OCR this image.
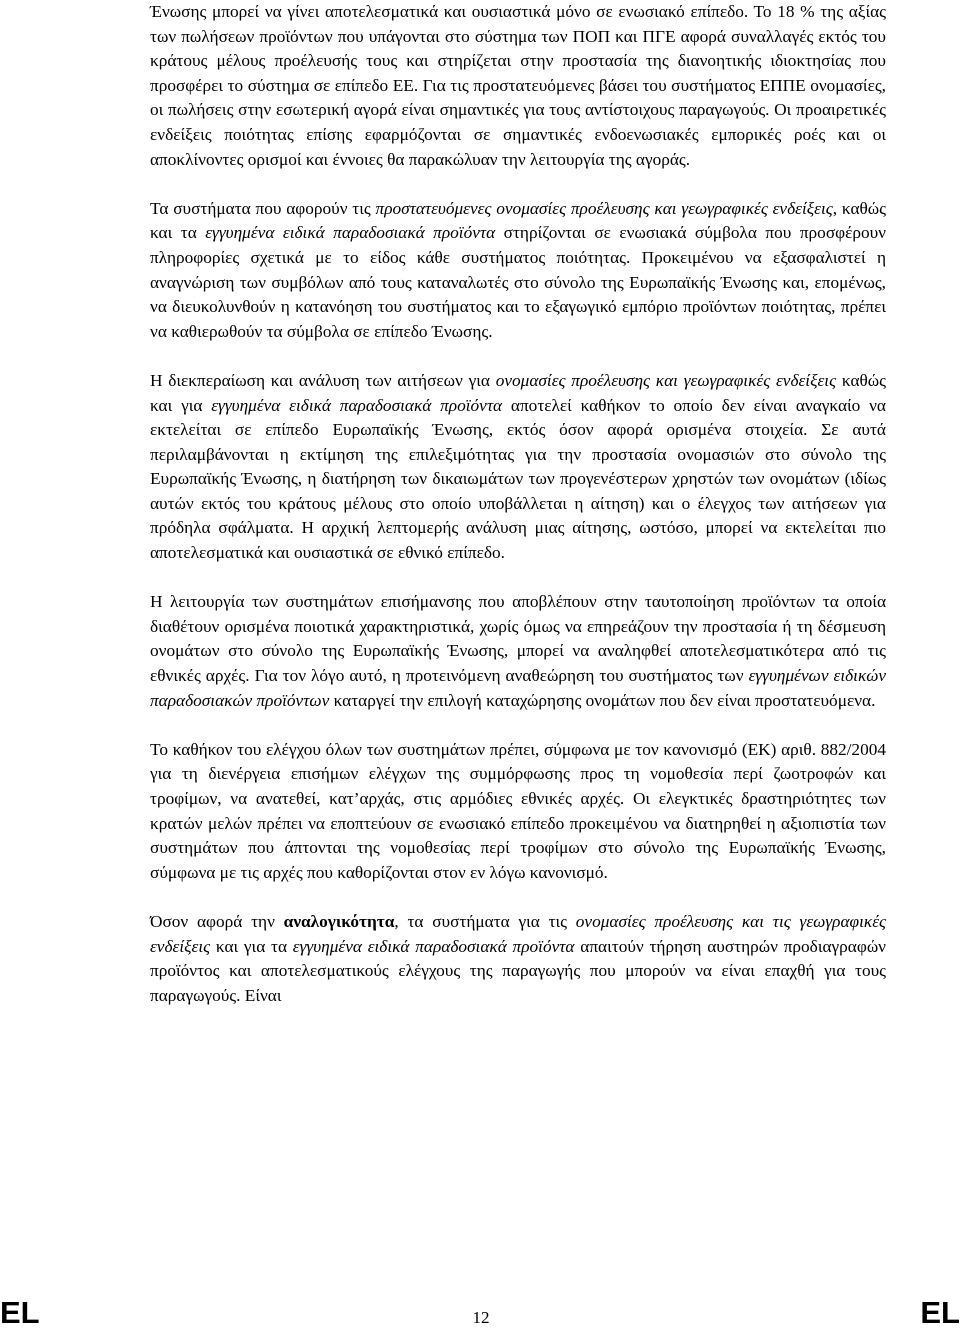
Ένωσης μπορεί να γίνει αποτελεσματικά και ουσιαστικά μόνο σε ενωσιακό επίπεδο. Το 18 % της αξίας των πωλήσεων προϊόντων που υπάγονται στο σύστημα των ΠΟΠ και ΠΓΕ αφορά συναλλαγές εκτός του κράτους μέλους προέλευσής τους και στηρίζεται στην προστασία της διανοητικής ιδιοκτησίας που προσφέρει το σύστημα σε επίπεδο ΕΕ. Για τις προστατευόμενες βάσει του συστήματος ΕΠΠΕ ονομασίες, οι πωλήσεις στην εσωτερική αγορά είναι σημαντικές για τους αντίστοιχους παραγωγούς. Οι προαιρετικές ενδείξεις ποιότητας επίσης εφαρμόζονται σε σημαντικές ενδοενωσιακές εμπορικές ροές και οι αποκλίνοντες ορισμοί και έννοιες θα παρακώλυαν την λειτουργία της αγοράς.

Τα συστήματα που αφορούν τις προστατευόμενες ονομασίες προέλευσης και γεωγραφικές ενδείξεις, καθώς και τα εγγυημένα ειδικά παραδοσιακά προϊόντα στηρίζονται σε ενωσιακά σύμβολα που προσφέρουν πληροφορίες σχετικά με το είδος κάθε συστήματος ποιότητας. Προκειμένου να εξασφαλιστεί η αναγνώριση των συμβόλων από τους καταναλωτές στο σύνολο της Ευρωπαϊκής Ένωσης και, επομένως, να διευκολυνθούν η κατανόηση του συστήματος και το εξαγωγικό εμπόριο προϊόντων ποιότητας, πρέπει να καθιερωθούν τα σύμβολα σε επίπεδο Ένωσης.

Η διεκπεραίωση και ανάλυση των αιτήσεων για ονομασίες προέλευσης και γεωγραφικές ενδείξεις καθώς και για εγγυημένα ειδικά παραδοσιακά προϊόντα αποτελεί καθήκον το οποίο δεν είναι αναγκαίο να εκτελείται σε επίπεδο Ευρωπαϊκής Ένωσης, εκτός όσον αφορά ορισμένα στοιχεία. Σε αυτά περιλαμβάνονται η εκτίμηση της επιλεξιμότητας για την προστασία ονομασιών στο σύνολο της Ευρωπαϊκής Ένωσης, η διατήρηση των δικαιωμάτων των προγενέστερων χρηστών των ονομάτων (ιδίως αυτών εκτός του κράτους μέλους στο οποίο υποβάλλεται η αίτηση) και ο έλεγχος των αιτήσεων για πρόδηλα σφάλματα. Η αρχική λεπτομερής ανάλυση μιας αίτησης, ωστόσο, μπορεί να εκτελείται πιο αποτελεσματικά και ουσιαστικά σε εθνικό επίπεδο.

Η λειτουργία των συστημάτων επισήμανσης που αποβλέπουν στην ταυτοποίηση προϊόντων τα οποία διαθέτουν ορισμένα ποιοτικά χαρακτηριστικά, χωρίς όμως να επηρεάζουν την προστασία ή τη δέσμευση ονομάτων στο σύνολο της Ευρωπαϊκής Ένωσης, μπορεί να αναληφθεί αποτελεσματικότερα από τις εθνικές αρχές. Για τον λόγο αυτό, η προτεινόμενη αναθεώρηση του συστήματος των εγγυημένων ειδικών παραδοσιακών προϊόντων καταργεί την επιλογή καταχώρησης ονομάτων που δεν είναι προστατευόμενα.

Το καθήκον του ελέγχου όλων των συστημάτων πρέπει, σύμφωνα με τον κανονισμό (ΕΚ) αριθ. 882/2004 για τη διενέργεια επισήμων ελέγχων της συμμόρφωσης προς τη νομοθεσία περί ζωοτροφών και τροφίμων, να ανατεθεί, κατ’αρχάς, στις αρμόδιες εθνικές αρχές. Οι ελεγκτικές δραστηριότητες των κρατών μελών πρέπει να εποπτεύουν σε ενωσιακό επίπεδο προκειμένου να διατηρηθεί η αξιοπιστία των συστημάτων που άπτονται της νομοθεσίας περί τροφίμων στο σύνολο της Ευρωπαϊκής Ένωσης, σύμφωνα με τις αρχές που καθορίζονται στον εν λόγω κανονισμό.

Όσον αφορά την αναλογικότητα, τα συστήματα για τις ονομασίες προέλευσης και τις γεωγραφικές ενδείξεις και για τα εγγυημένα ειδικά παραδοσιακά προϊόντα απαιτούν τήρηση αυστηρών προδιαγραφών προϊόντος και αποτελεσματικούς ελέγχους της παραγωγής που μπορούν να είναι επαχθή για τους παραγωγούς. Είναι

EL	12	EL
